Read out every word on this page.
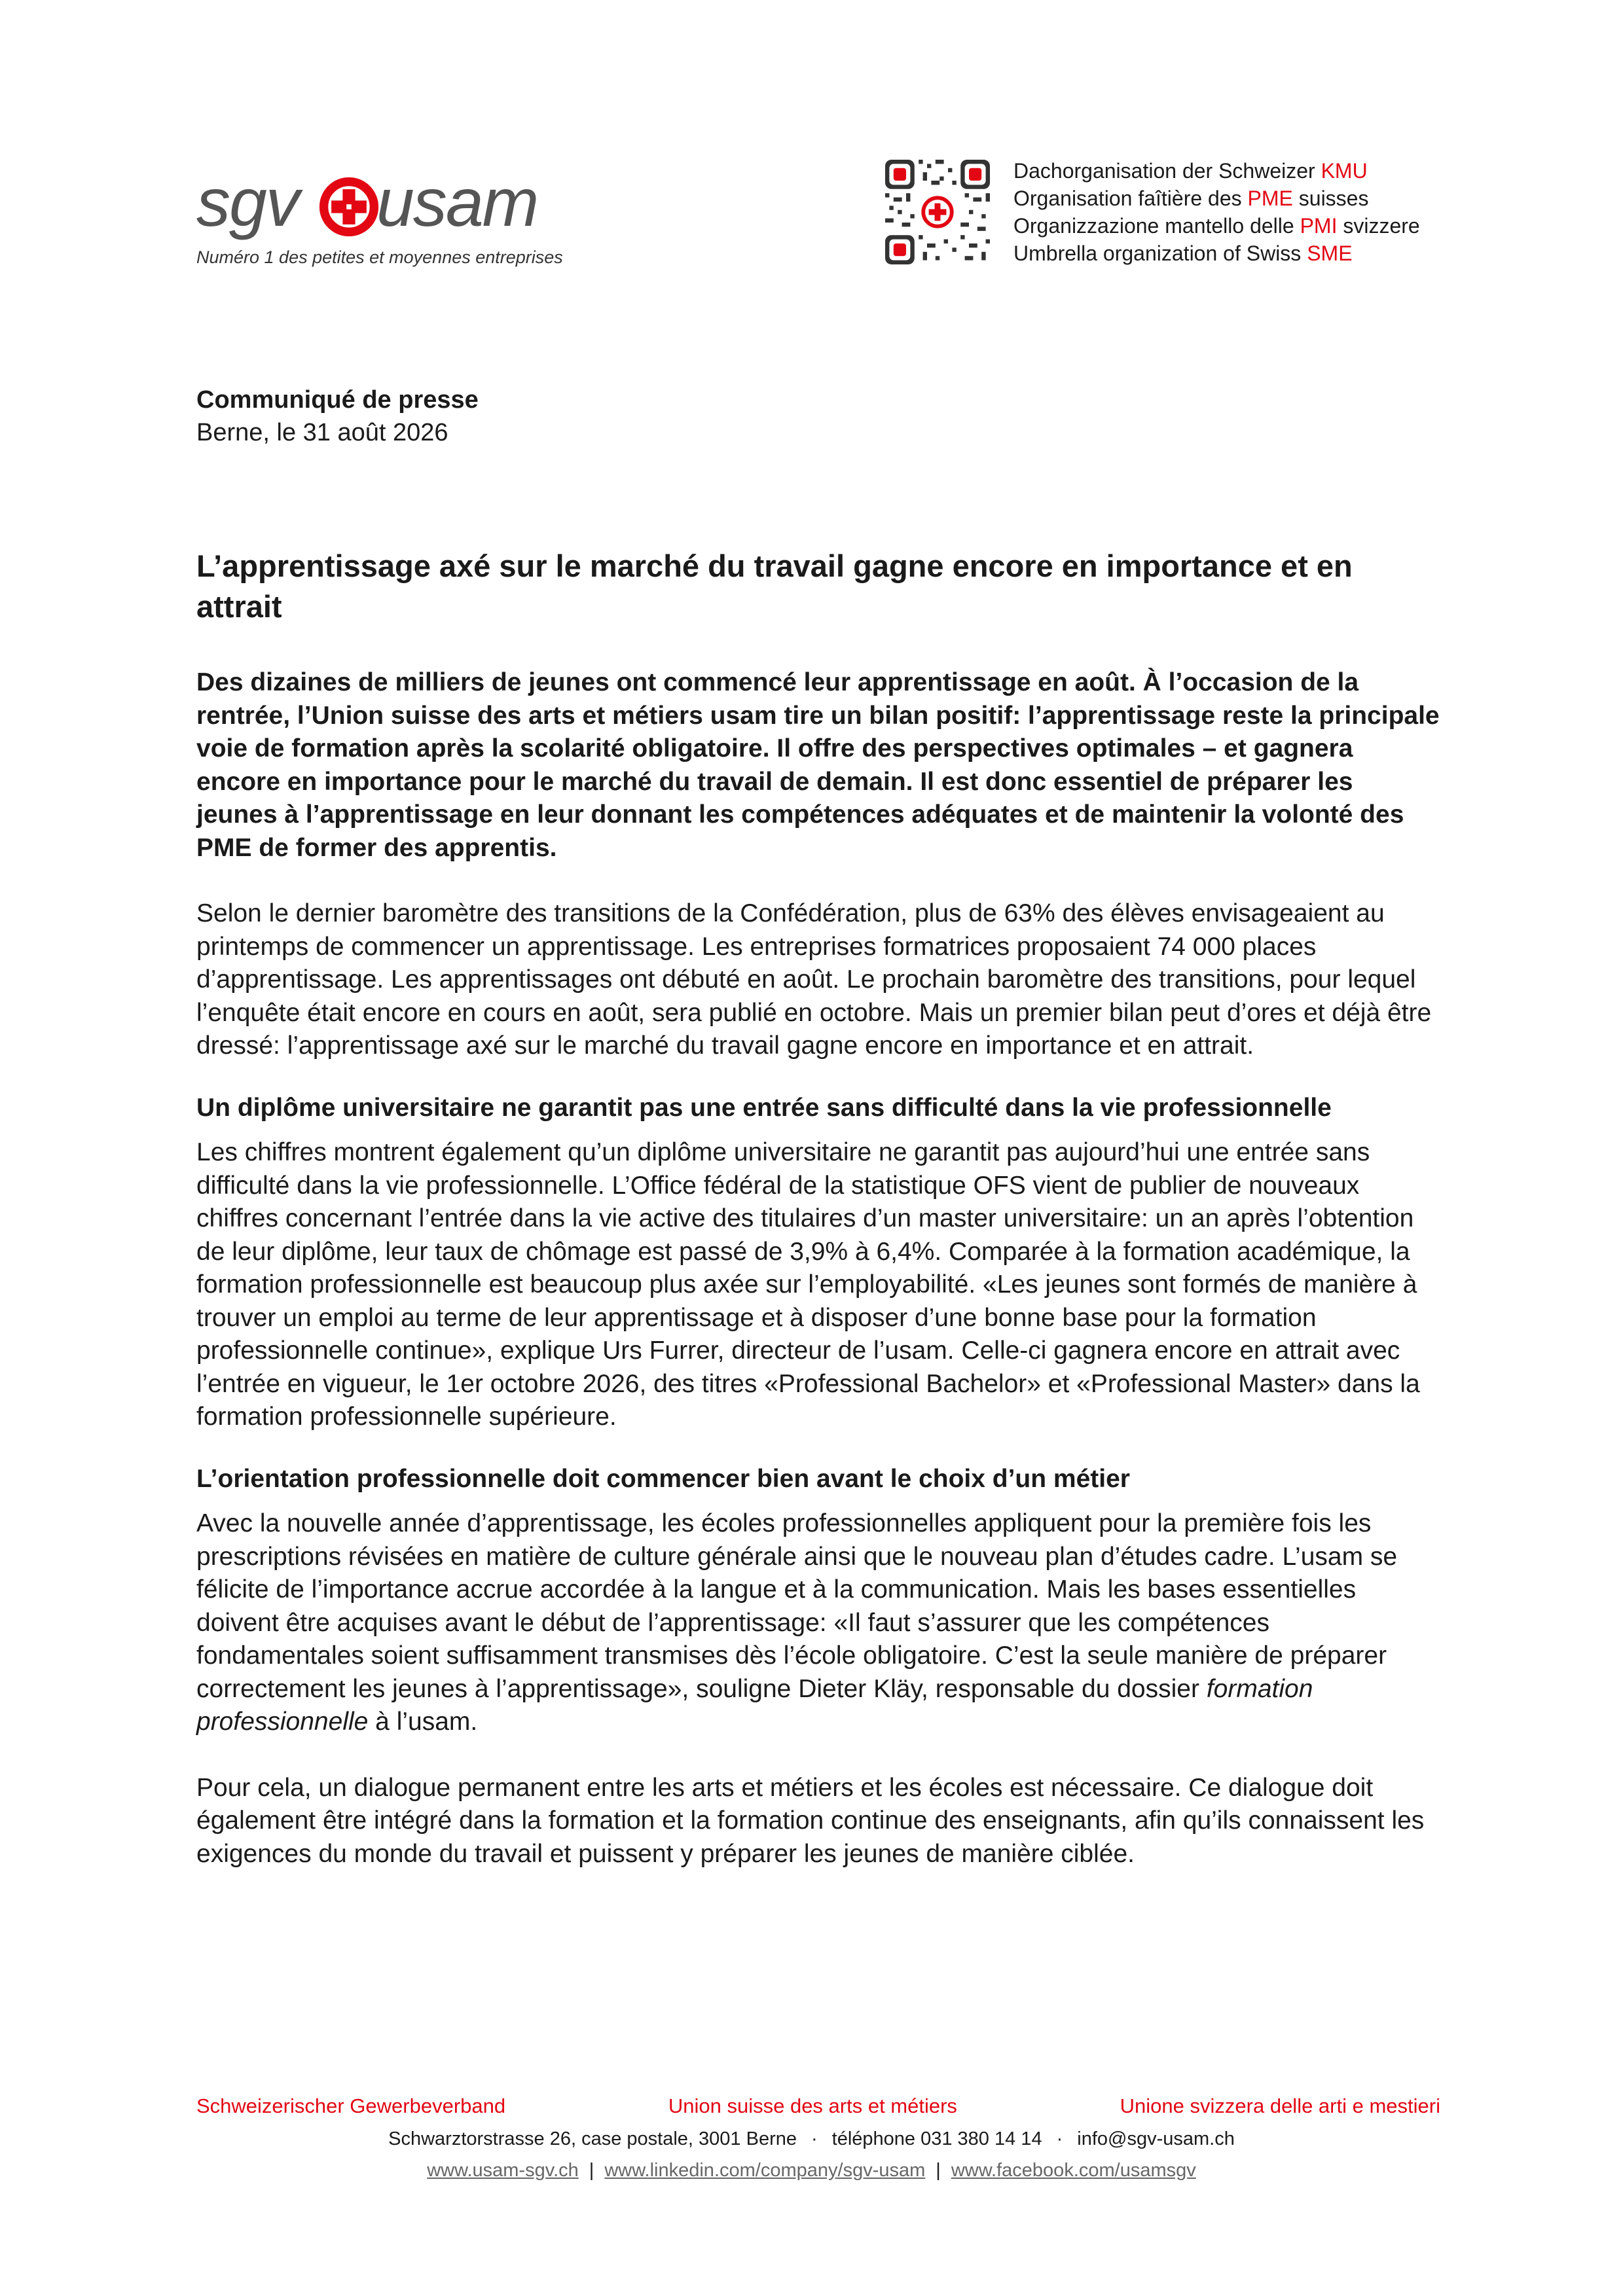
sgv usam
Numéro 1 des petites et moyennes entreprises
Dachorganisation der Schweizer KMU
Organisation faîtière des PME suisses
Organizzazione mantello delle PMI svizzere
Umbrella organization of Swiss SME
Communiqué de presse
Berne, le 31 août 2026
L’apprentissage axé sur le marché du travail gagne encore en importance et en attrait
Des dizaines de milliers de jeunes ont commencé leur apprentissage en août. À l’occasion de la rentrée, l’Union suisse des arts et métiers usam tire un bilan positif: l’apprentissage reste la principale voie de formation après la scolarité obligatoire. Il offre des perspectives optimales – et gagnera encore en importance pour le marché du travail de demain. Il est donc essentiel de préparer les jeunes à l’apprentissage en leur donnant les compétences adéquates et de maintenir la volonté des PME de former des apprentis.

Selon le dernier baromètre des transitions de la Confédération, plus de 63% des élèves envisageaient au printemps de commencer un apprentissage. Les entreprises formatrices proposaient 74 000 places d’apprentissage. Les apprentissages ont débuté en août. Le prochain baromètre des transitions, pour lequel l’enquête était encore en cours en août, sera publié en octobre. Mais un premier bilan peut d’ores et déjà être dressé: l’apprentissage axé sur le marché du travail gagne encore en importance et en attrait.

Un diplôme universitaire ne garantit pas une entrée sans difficulté dans la vie professionnelle

Les chiffres montrent également qu’un diplôme universitaire ne garantit pas aujourd’hui une entrée sans difficulté dans la vie professionnelle. L’Office fédéral de la statistique OFS vient de publier de nouveaux chiffres concernant l’entrée dans la vie active des titulaires d’un master universitaire: un an après l’obtention de leur diplôme, leur taux de chômage est passé de 3,9% à 6,4%. Comparée à la formation académique, la formation professionnelle est beaucoup plus axée sur l’employabilité. «Les jeunes sont formés de manière à trouver un emploi au terme de leur apprentissage et à disposer d’une bonne base pour la formation professionnelle continue», explique Urs Furrer, directeur de l’usam. Celle-ci gagnera encore en attrait avec l’entrée en vigueur, le 1er octobre 2026, des titres «Professional Bachelor» et «Professional Master» dans la formation professionnelle supérieure.

L’orientation professionnelle doit commencer bien avant le choix d’un métier

Avec la nouvelle année d’apprentissage, les écoles professionnelles appliquent pour la première fois les prescriptions révisées en matière de culture générale ainsi que le nouveau plan d’études cadre. L’usam se félicite de l’importance accrue accordée à la langue et à la communication. Mais les bases essentielles doivent être acquises avant le début de l’apprentissage: «Il faut s’assurer que les compétences fondamentales soient suffisamment transmises dès l’école obligatoire. C’est la seule manière de préparer correctement les jeunes à l’apprentissage», souligne Dieter Kläy, responsable du dossier formation professionnelle à l’usam.

Pour cela, un dialogue permanent entre les arts et métiers et les écoles est nécessaire. Ce dialogue doit également être intégré dans la formation et la formation continue des enseignants, afin qu’ils connaissent les exigences du monde du travail et puissent y préparer les jeunes de manière ciblée.

Schweizerischer Gewerbeverband	Union suisse des arts et métiers	Unione svizzera delle arti e mestieri
Schwarztorstrasse 26, case postale, 3001 Berne · téléphone 031 380 14 14 · info@sgv-usam.ch
www.usam-sgv.ch | www.linkedin.com/company/sgv-usam | www.facebook.com/usamsgv
